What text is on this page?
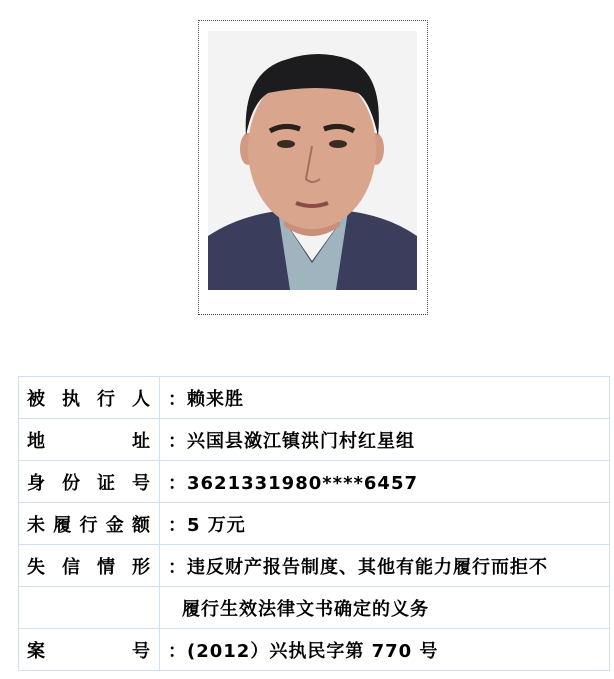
被执行人	：赖来胜
地址	：兴国县潋江镇洪门村红星组
身份证号	：3621331980****6457
未履行金额	：5 万元
失信情形	：违反财产报告制度、其他有能力履行而拒不
	履行生效法律文书确定的义务
案号	：(2012）兴执民字第 770 号
